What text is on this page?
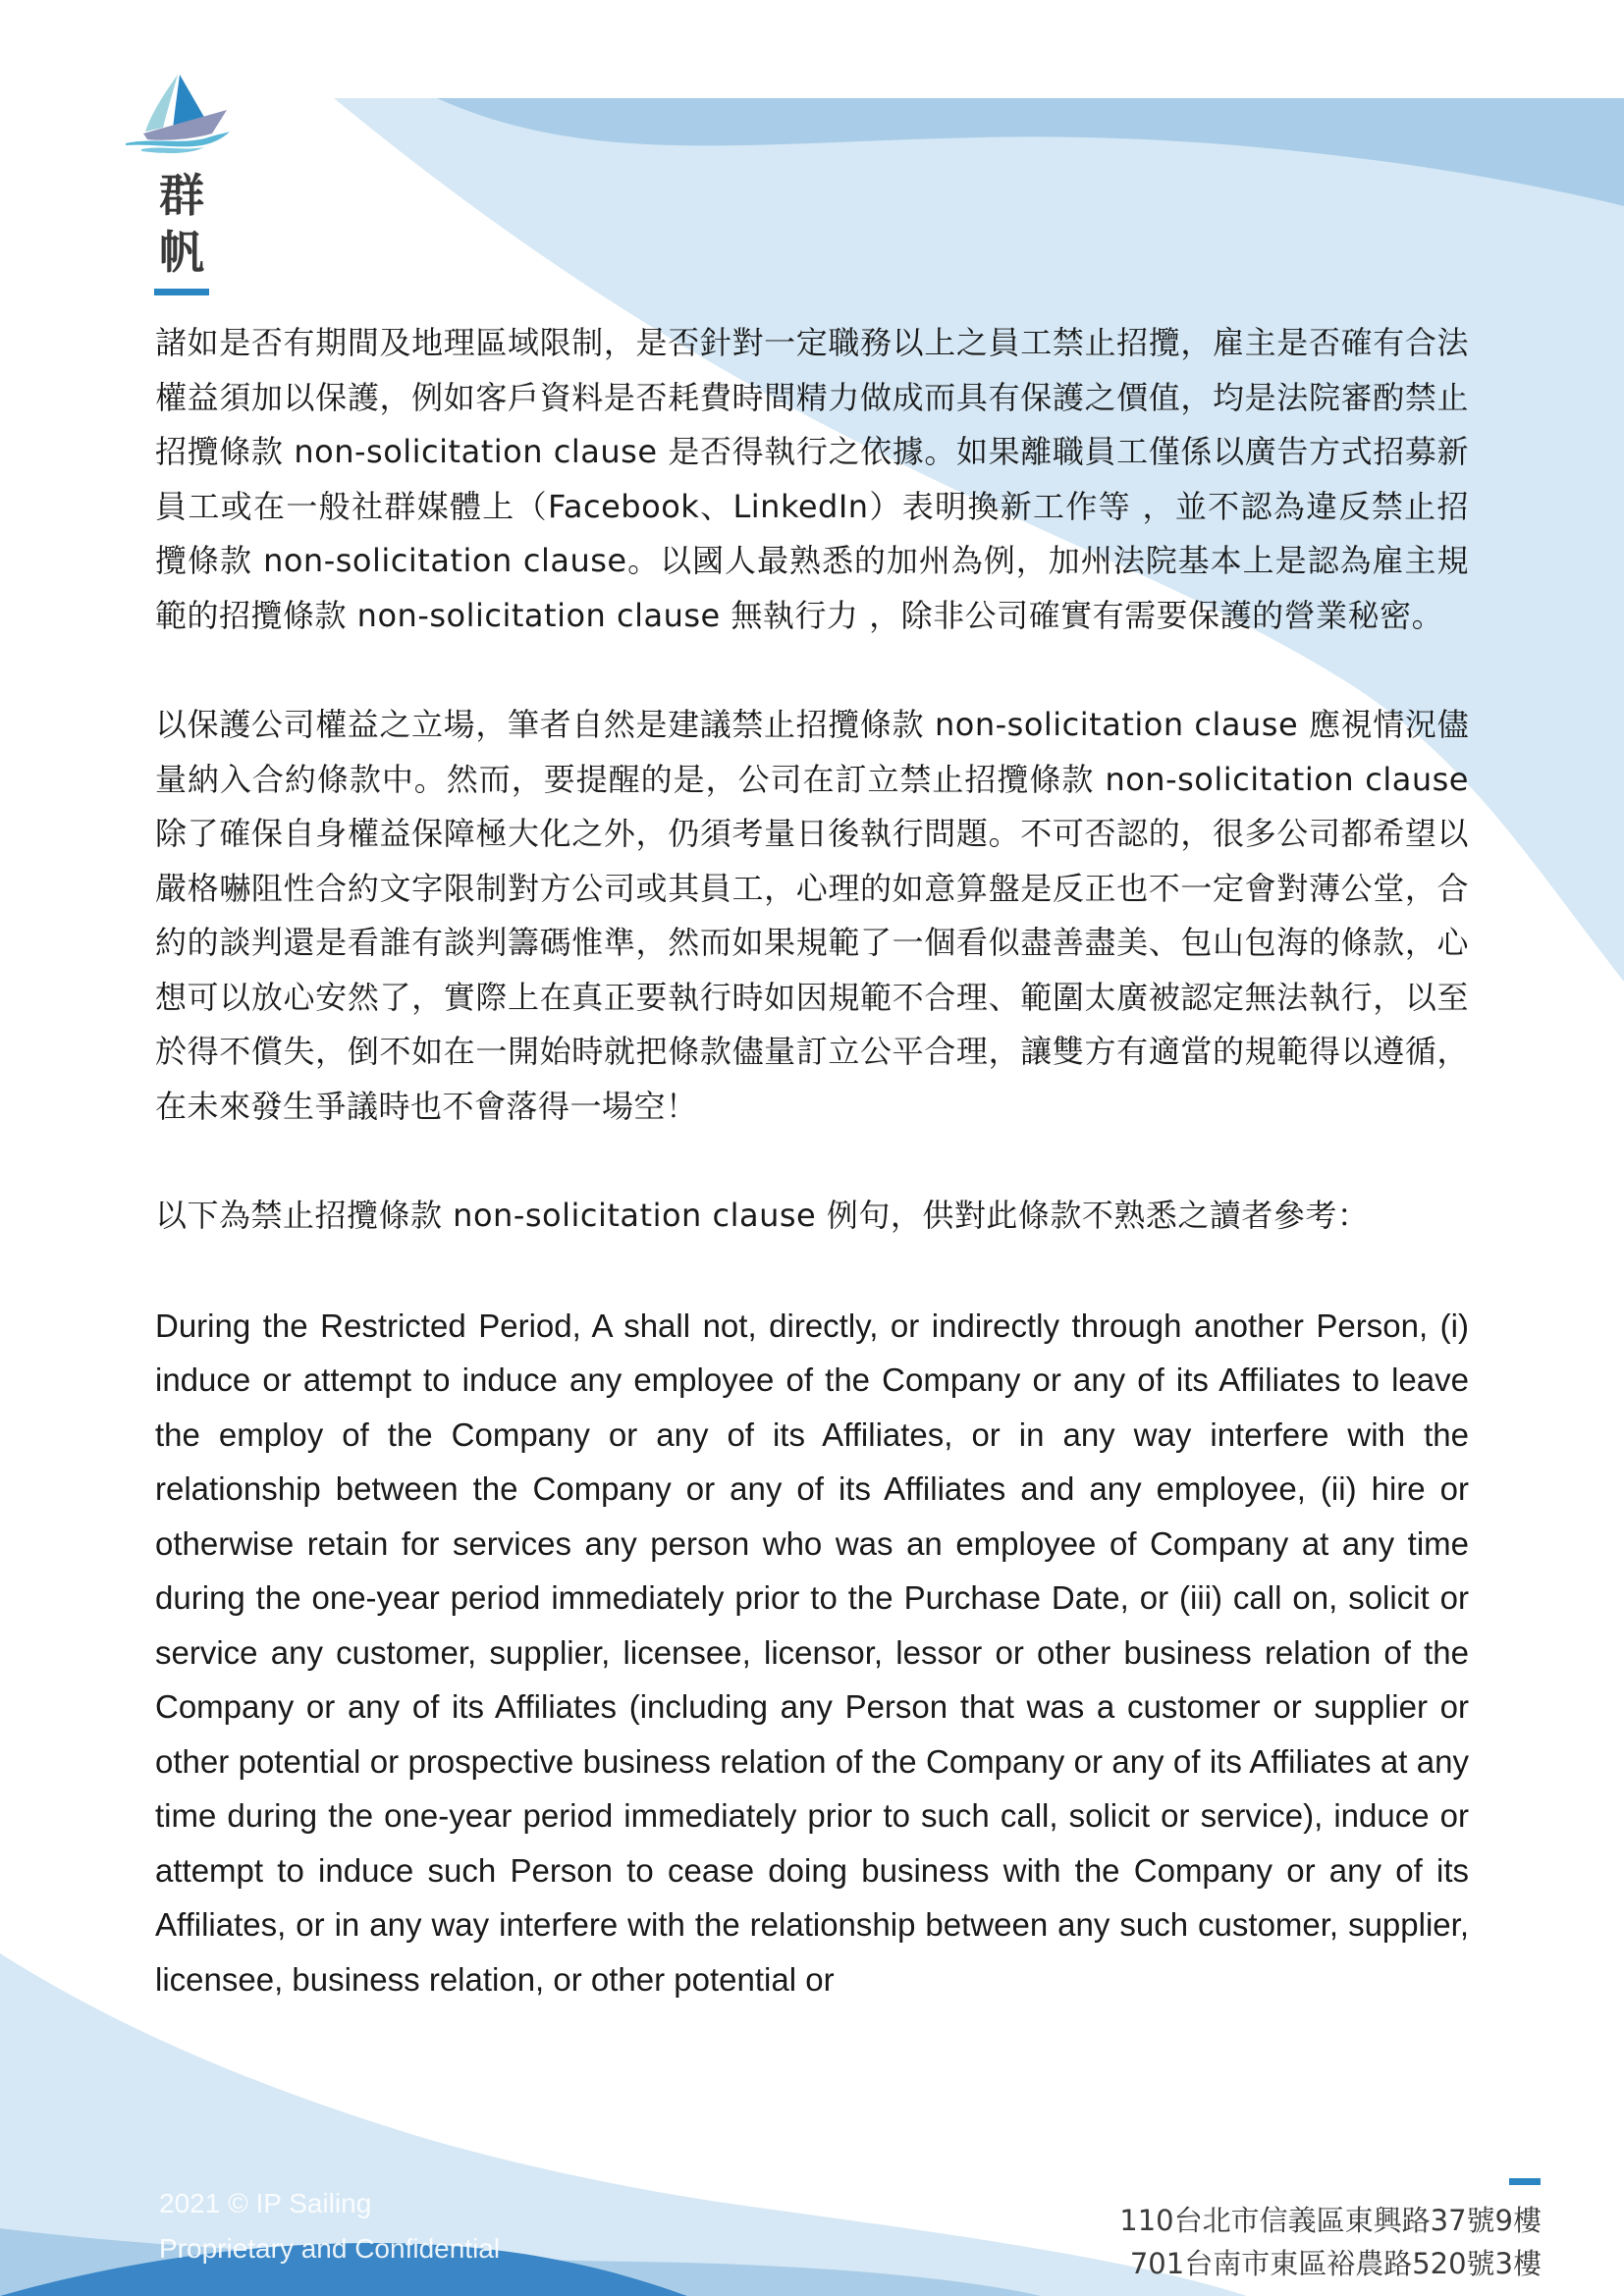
群
帆

諸如是否有期間及地理區域限制，是否針對一定職務以上之員工禁止招攬，雇主是否確有合法權益須加以保護，例如客戶資料是否耗費時間精力做成而具有保護之價值，均是法院審酌禁止招攬條款 non-solicitation clause 是否得執行之依據。如果離職員工僅係以廣告方式招募新員工或在一般社群媒體上（Facebook、LinkedIn）表明換新工作等 ，並不認為違反禁止招攬條款 non-solicitation clause。以國人最熟悉的加州為例，加州法院基本上是認為雇主規範的招攬條款 non-solicitation clause 無執行力 ，除非公司確實有需要保護的營業秘密。

以保護公司權益之立場，筆者自然是建議禁止招攬條款 non-solicitation clause 應視情況儘量納入合約條款中。然而，要提醒的是，公司在訂立禁止招攬條款 non-solicitation clause 除了確保自身權益保障極大化之外，仍須考量日後執行問題。不可否認的，很多公司都希望以嚴格嚇阻性合約文字限制對方公司或其員工，心理的如意算盤是反正也不一定會對薄公堂，合約的談判還是看誰有談判籌碼惟準，然而如果規範了一個看似盡善盡美、包山包海的條款，心想可以放心安然了，實際上在真正要執行時如因規範不合理、範圍太廣被認定無法執行，以至於得不償失，倒不如在一開始時就把條款儘量訂立公平合理，讓雙方有適當的規範得以遵循，在未來發生爭議時也不會落得一場空！

以下為禁止招攬條款 non-solicitation clause 例句，供對此條款不熟悉之讀者參考：

During the Restricted Period, A shall not, directly, or indirectly through another Person, (i) induce or attempt to induce any employee of the Company or any of its Affiliates to leave the employ of the Company or any of its Affiliates, or in any way interfere with the relationship between the Company or any of its Affiliates and any employee, (ii) hire or otherwise retain for services any person who was an employee of Company at any time during the one-year period immediately prior to the Purchase Date, or (iii) call on, solicit or service any customer, supplier, licensee, licensor, lessor or other business relation of the Company or any of its Affiliates (including any Person that was a customer or supplier or other potential or prospective business relation of the Company or any of its Affiliates at any time during the one-year period immediately prior to such call, solicit or service), induce or attempt to induce such Person to cease doing business with the Company or any of its Affiliates, or in any way interfere with the relationship between any such customer, supplier, licensee, business relation, or other potential or

2021 © IP Sailing
Proprietary and Confidential
110台北市信義區東興路37號9樓
701台南市東區裕農路520號3樓
